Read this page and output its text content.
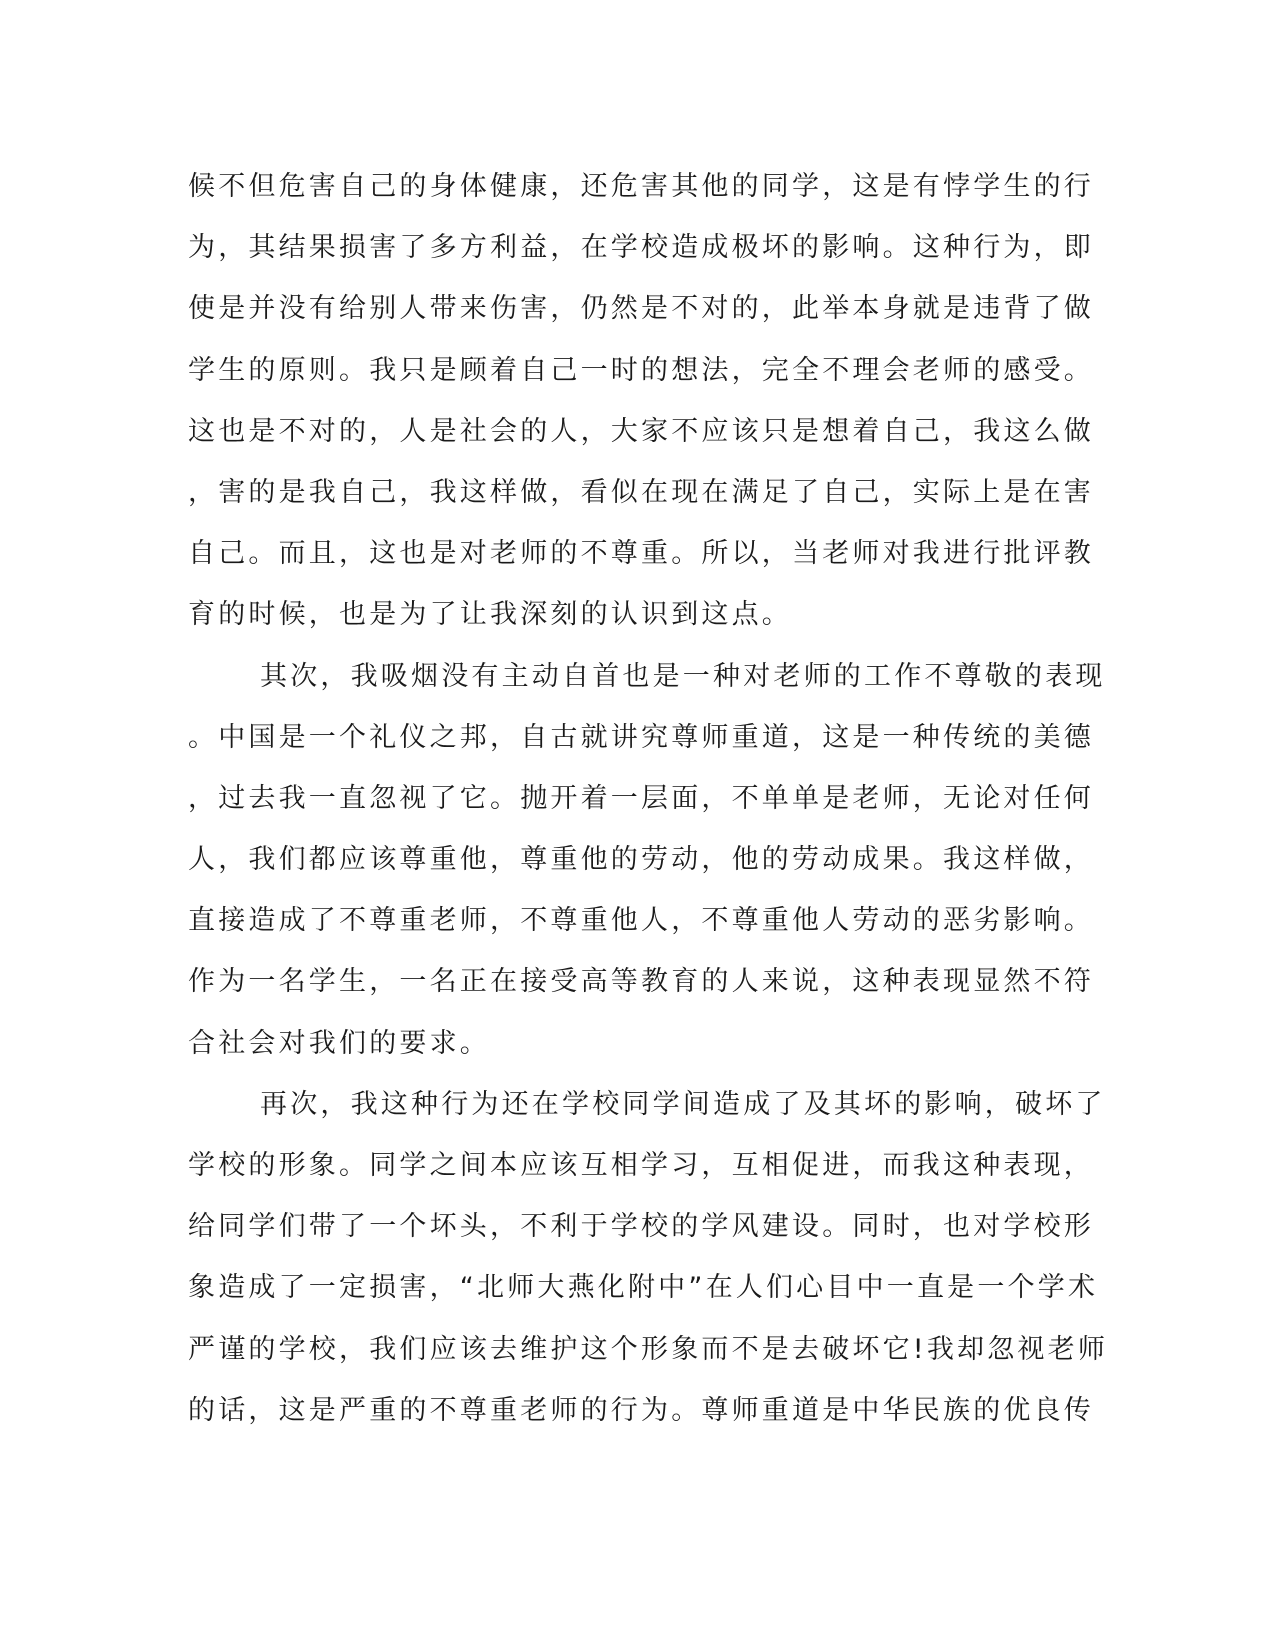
候不但危害自己的身体健康，还危害其他的同学，这是有悖学生的行
为，其结果损害了多方利益，在学校造成极坏的影响。这种行为，即
使是并没有给别人带来伤害，仍然是不对的，此举本身就是违背了做
学生的原则。我只是顾着自己一时的想法，完全不理会老师的感受。
这也是不对的，人是社会的人，大家不应该只是想着自己，我这么做
，害的是我自己，我这样做，看似在现在满足了自己，实际上是在害
自己。而且，这也是对老师的不尊重。所以，当老师对我进行批评教
育的时候，也是为了让我深刻的认识到这点。
其次，我吸烟没有主动自首也是一种对老师的工作不尊敬的表现
。中国是一个礼仪之邦，自古就讲究尊师重道，这是一种传统的美德
，过去我一直忽视了它。抛开着一层面，不单单是老师，无论对任何
人，我们都应该尊重他，尊重他的劳动，他的劳动成果。我这样做，
直接造成了不尊重老师，不尊重他人，不尊重他人劳动的恶劣影响。
作为一名学生，一名正在接受高等教育的人来说，这种表现显然不符
合社会对我们的要求。
再次，我这种行为还在学校同学间造成了及其坏的影响，破坏了
学校的形象。同学之间本应该互相学习，互相促进，而我这种表现，
给同学们带了一个坏头，不利于学校的学风建设。同时，也对学校形
象造成了一定损害，“北师大燕化附中”在人们心目中一直是一个学术
严谨的学校，我们应该去维护这个形象而不是去破坏它!我却忽视老师
的话，这是严重的不尊重老师的行为。尊师重道是中华民族的优良传
